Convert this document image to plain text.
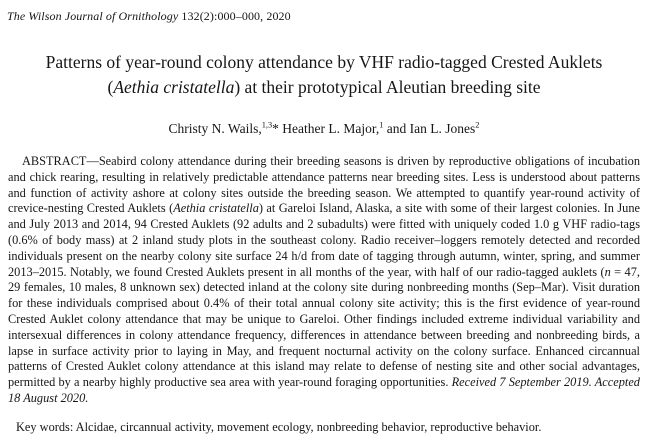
The Wilson Journal of Ornithology 132(2):000–000, 2020
Patterns of year-round colony attendance by VHF radio-tagged Crested Auklets
(Aethia cristatella) at their prototypical Aleutian breeding site
Christy N. Wails,$^{1,3}$* Heather L. Major,$^1$ and Ian L. Jones$^2$
ABSTRACT—Seabird colony attendance during their breeding seasons is driven by reproductive obligations of incubation and chick rearing, resulting in relatively predictable attendance patterns near breeding sites. Less is understood about patterns and function of activity ashore at colony sites outside the breeding season. We attempted to quantify year-round activity of crevice-nesting Crested Auklets (Aethia cristatella) at Gareloi Island, Alaska, a site with some of their largest colonies. In June and July 2013 and 2014, 94 Crested Auklets (92 adults and 2 subadults) were fitted with uniquely coded 1.0 g VHF radio-tags (0.6% of body mass) at 2 inland study plots in the southeast colony. Radio receiver–loggers remotely detected and recorded individuals present on the nearby colony site surface 24 h/d from date of tagging through autumn, winter, spring, and summer 2013–2015. Notably, we found Crested Auklets present in all months of the year, with half of our radio-tagged auklets (n = 47, 29 females, 10 males, 8 unknown sex) detected inland at the colony site during nonbreeding months (Sep–Mar). Visit duration for these individuals comprised about 0.4% of their total annual colony site activity; this is the first evidence of year-round Crested Auklet colony attendance that may be unique to Gareloi. Other findings included extreme individual variability and intersexual differences in colony attendance frequency, differences in attendance between breeding and nonbreeding birds, a lapse in surface activity prior to laying in May, and frequent nocturnal activity on the colony surface. Enhanced circannual patterns of Crested Auklet colony attendance at this island may relate to defense of nesting site and other social advantages, permitted by a nearby highly productive sea area with year-round foraging opportunities. Received 7 September 2019. Accepted 18 August 2020.
Key words: Alcidae, circannual activity, movement ecology, nonbreeding behavior, reproductive behavior.
